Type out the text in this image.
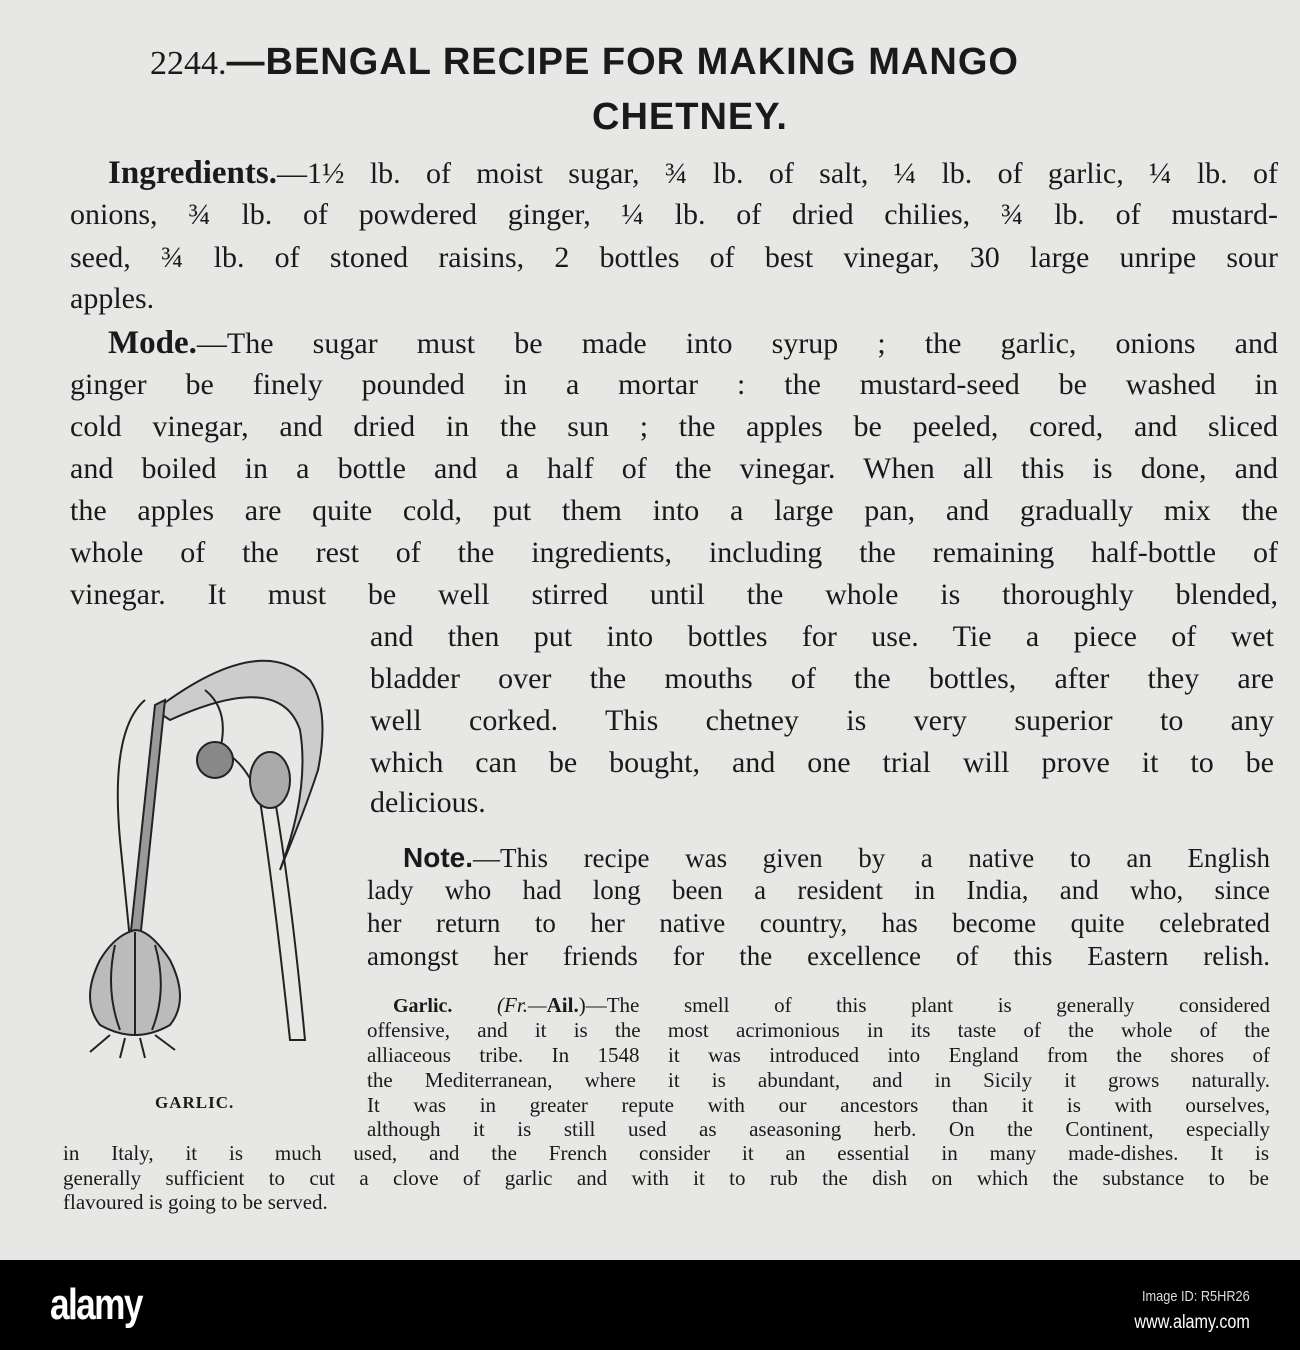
2244.—BENGAL RECIPE FOR MAKING MANGO
CHETNEY.
Ingredients.—1½ lb. of moist sugar, ¾ lb. of salt, ¼ lb. of garlic, ¼ lb. of
onions, ¾ lb. of powdered ginger, ¼ lb. of dried chilies, ¾ lb. of mustard-
seed, ¾ lb. of stoned raisins, 2 bottles of best vinegar, 30 large unripe sour
apples.
Mode.—The sugar must be made into syrup ; the garlic, onions and
ginger be finely pounded in a mortar : the mustard-seed be washed in
cold vinegar, and dried in the sun ; the apples be peeled, cored, and sliced
and boiled in a bottle and a half of the vinegar. When all this is done, and
the apples are quite cold, put them into a large pan, and gradually mix the
whole of the rest of the ingredients, including the remaining half-bottle of
vinegar. It must be well stirred until the whole is thoroughly blended,
and then put into bottles for use. Tie a piece of wet
bladder over the mouths of the bottles, after they are
well corked. This chetney is very superior to any
which can be bought, and one trial will prove it to be
delicious.
Note.—This recipe was given by a native to an English
lady who had long been a resident in India, and who, since
her return to her native country, has become quite celebrated
amongst her friends for the excellence of this Eastern relish.
Garlic. (Fr.—Ail.)—The smell of this plant is generally considered
offensive, and it is the most acrimonious in its taste of the whole of the
alliaceous tribe. In 1548 it was introduced into England from the shores of
the Mediterranean, where it is abundant, and in Sicily it grows naturally.
It was in greater repute with our ancestors than it is with ourselves,
although it is still used as aseasoning herb. On the Continent, especially
in Italy, it is much used, and the French consider it an essential in many made-dishes. It is
generally sufficient to cut a clove of garlic and with it to rub the dish on which the substance to be
flavoured is going to be served.
GARLIC.
alamy	Image ID: R5HR26
www.alamy.com
